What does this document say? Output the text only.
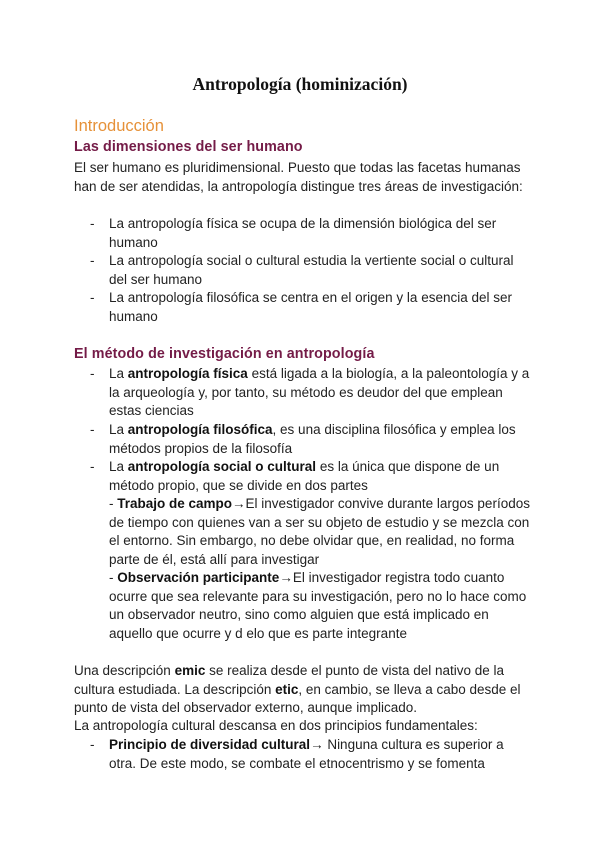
Antropología (hominización)
Introducción
Las dimensiones del ser humano
El ser humano es pluridimensional. Puesto que todas las facetas humanas han de ser atendidas, la antropología distingue tres áreas de investigación:
-	La antropología física se ocupa de la dimensión biológica del ser humano
-	La antropología social o cultural estudia la vertiente social o cultural del ser humano
-	La antropología filosófica se centra en el origen y la esencia del ser humano
El método de investigación en antropología
-	La antropología física está ligada a la biología, a la paleontología y a la arqueología y, por tanto, su método es deudor del que emplean estas ciencias
-	La antropología filosófica, es una disciplina filosófica y emplea los métodos propios de la filosofía
-	La antropología social o cultural es la única que dispone de un método propio, que se divide en dos partes
- Trabajo de campo→El investigador convive durante largos períodos de tiempo con quienes van a ser su objeto de estudio y se mezcla con el entorno. Sin embargo, no debe olvidar que, en realidad, no forma parte de él, está allí para investigar
- Observación participante→El investigador registra todo cuanto ocurre que sea relevante para su investigación, pero no lo hace como un observador neutro, sino como alguien que está implicado en aquello que ocurre y d elo que es parte integrante
Una descripción emic se realiza desde el punto de vista del nativo de la cultura estudiada. La descripción etic, en cambio, se lleva a cabo desde el punto de vista del observador externo, aunque implicado.
La antropología cultural descansa en dos principios fundamentales:
-	Principio de diversidad cultural→ Ninguna cultura es superior a otra. De este modo, se combate el etnocentrismo y se fomenta
